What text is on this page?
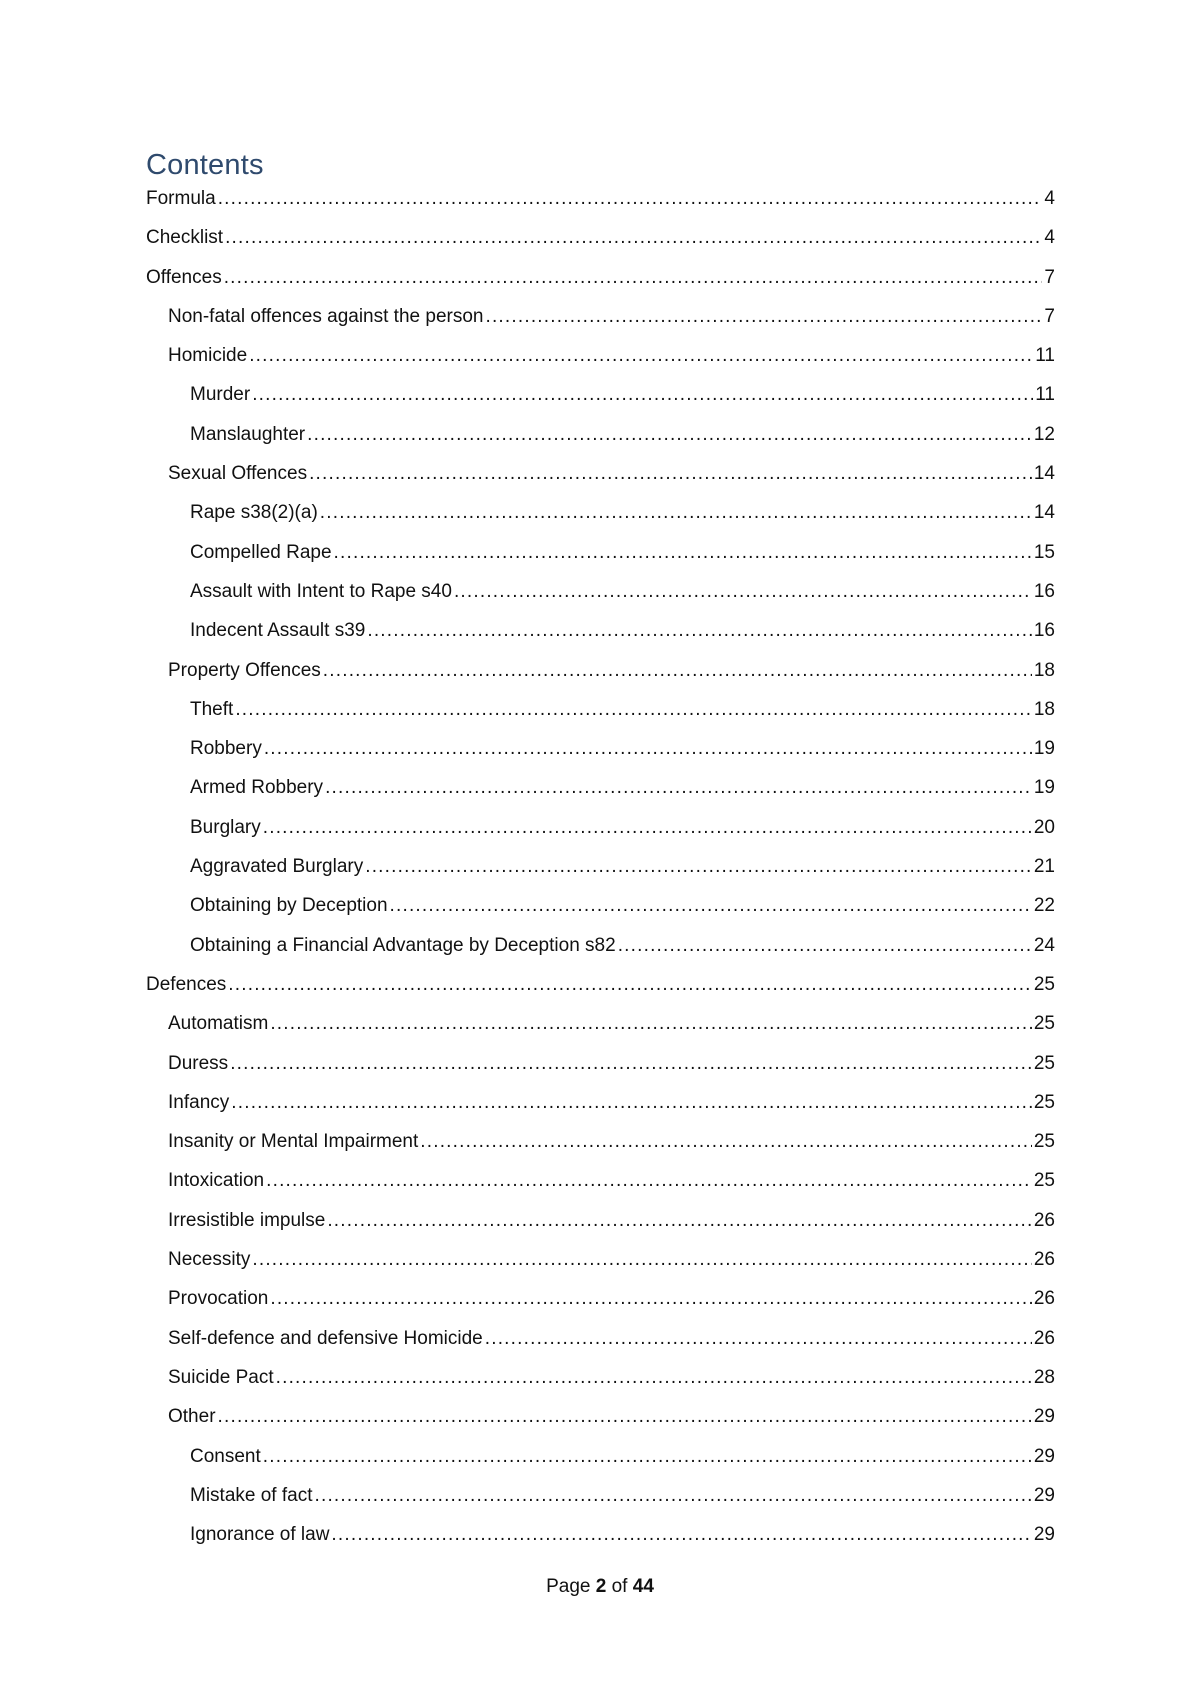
Contents
Formula .....	4
Checklist .....	4
Offences .....	7
Non-fatal offences against the person .....	7
Homicide .....	11
Murder .....	11
Manslaughter .....	12
Sexual Offences .....	14
Rape s38(2)(a) .....	14
Compelled Rape .....	15
Assault with Intent to Rape s40 .....	16
Indecent Assault s39 .....	16
Property Offences .....	18
Theft .....	18
Robbery .....	19
Armed Robbery .....	19
Burglary .....	20
Aggravated Burglary .....	21
Obtaining by Deception .....	22
Obtaining a Financial Advantage by Deception s82 .....	24
Defences .....	25
Automatism .....	25
Duress .....	25
Infancy .....	25
Insanity or Mental Impairment .....	25
Intoxication .....	25
Irresistible impulse .....	26
Necessity .....	26
Provocation .....	26
Self-defence and defensive Homicide .....	26
Suicide Pact .....	28
Other .....	29
Consent .....	29
Mistake of fact .....	29
Ignorance of law .....	29
Page 2 of 44
